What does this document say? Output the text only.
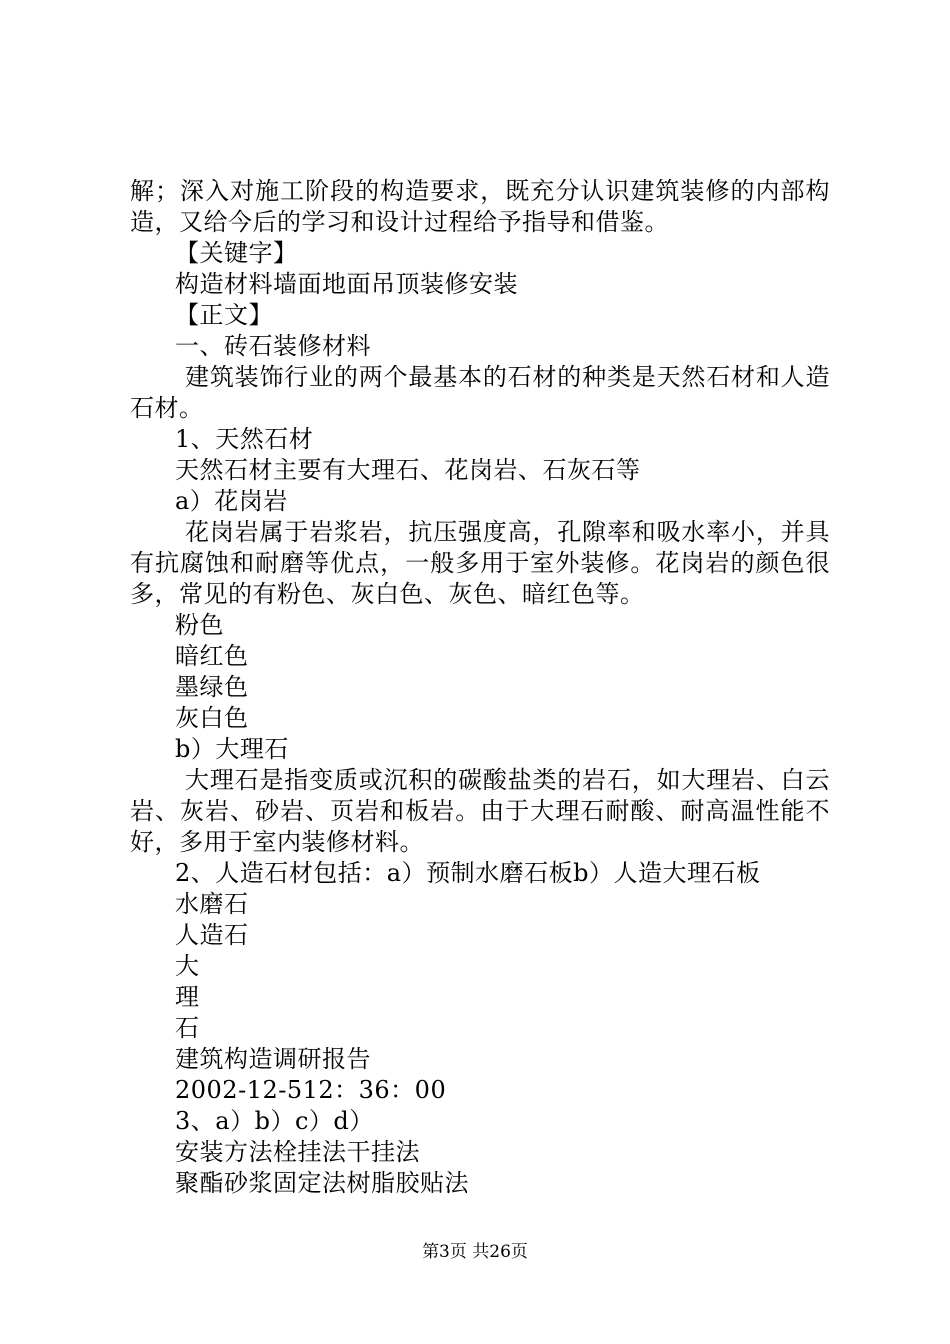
解；深入对施工阶段的构造要求，既充分认识建筑装修的内部构造，又给今后的学习和设计过程给予指导和借鉴。
【关键字】
构造材料墙面地面吊顶装修安装
【正文】
一、砖石装修材料
建筑装饰行业的两个最基本的石材的种类是天然石材和人造石材。
1、天然石材
天然石材主要有大理石、花岗岩、石灰石等
a）花岗岩
花岗岩属于岩浆岩，抗压强度高，孔隙率和吸水率小，并具有抗腐蚀和耐磨等优点，一般多用于室外装修。花岗岩的颜色很多，常见的有粉色、灰白色、灰色、暗红色等。
粉色
暗红色
墨绿色
灰白色
b）大理石
大理石是指变质或沉积的碳酸盐类的岩石，如大理岩、白云岩、灰岩、砂岩、页岩和板岩。由于大理石耐酸、耐高温性能不好，多用于室内装修材料。
2、人造石材包括：a）预制水磨石板b）人造大理石板
水磨石
人造石
大
理
石
建筑构造调研报告
2002-12-512：36：00
3、a）b）c）d）
安装方法栓挂法干挂法
聚酯砂浆固定法树脂胶贴法
第3页 共26页
